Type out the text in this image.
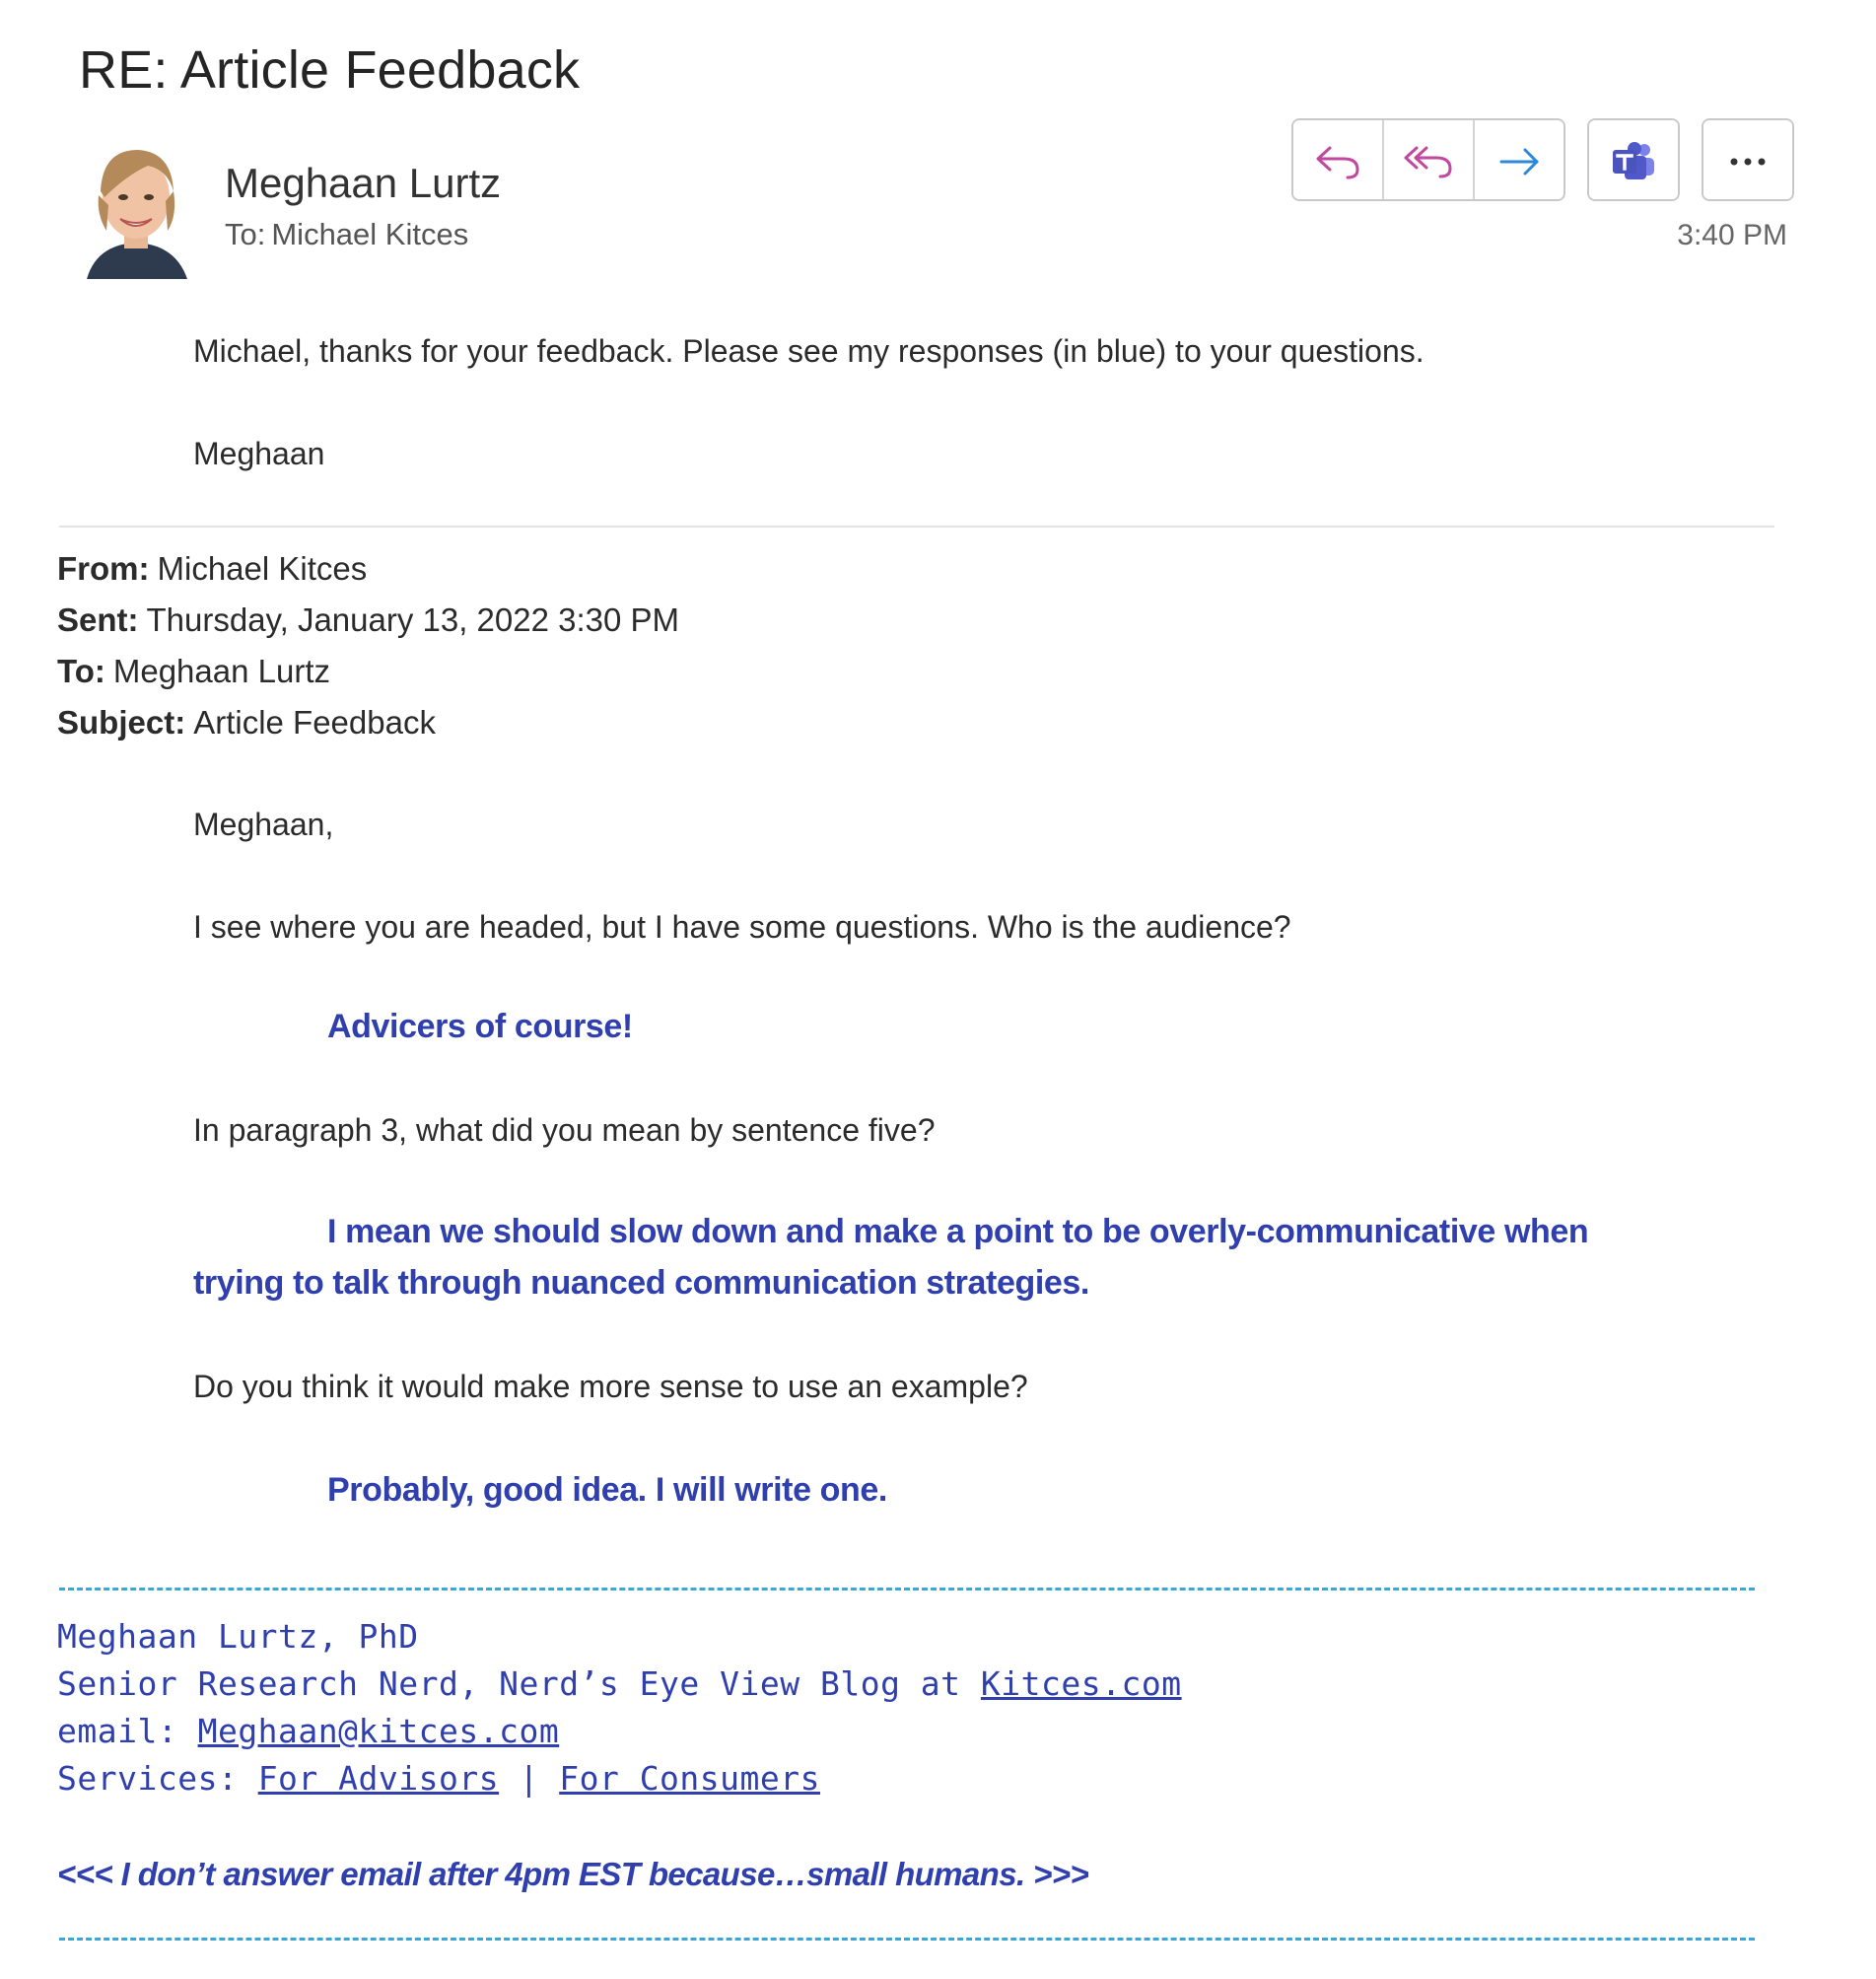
RE: Article Feedback
Meghaan Lurtz
To: Michael Kitces	3:40 PM
Michael, thanks for your feedback. Please see my responses (in blue) to your questions.
Meghaan
From: Michael Kitces
Sent: Thursday, January 13, 2022 3:30 PM
To: Meghaan Lurtz
Subject: Article Feedback
Meghaan,
I see where you are headed, but I have some questions. Who is the audience?
Advicers of course!
In paragraph 3, what did you mean by sentence five?
I mean we should slow down and make a point to be overly-communicative when
trying to talk through nuanced communication strategies.
Do you think it would make more sense to use an example?
Probably, good idea. I will write one.
Meghaan Lurtz, PhD
Senior Research Nerd, Nerd’s Eye View Blog at Kitces.com
email: Meghaan@kitces.com
Services: For Advisors | For Consumers
<<< I don’t answer email after 4pm EST because…small humans. >>>
